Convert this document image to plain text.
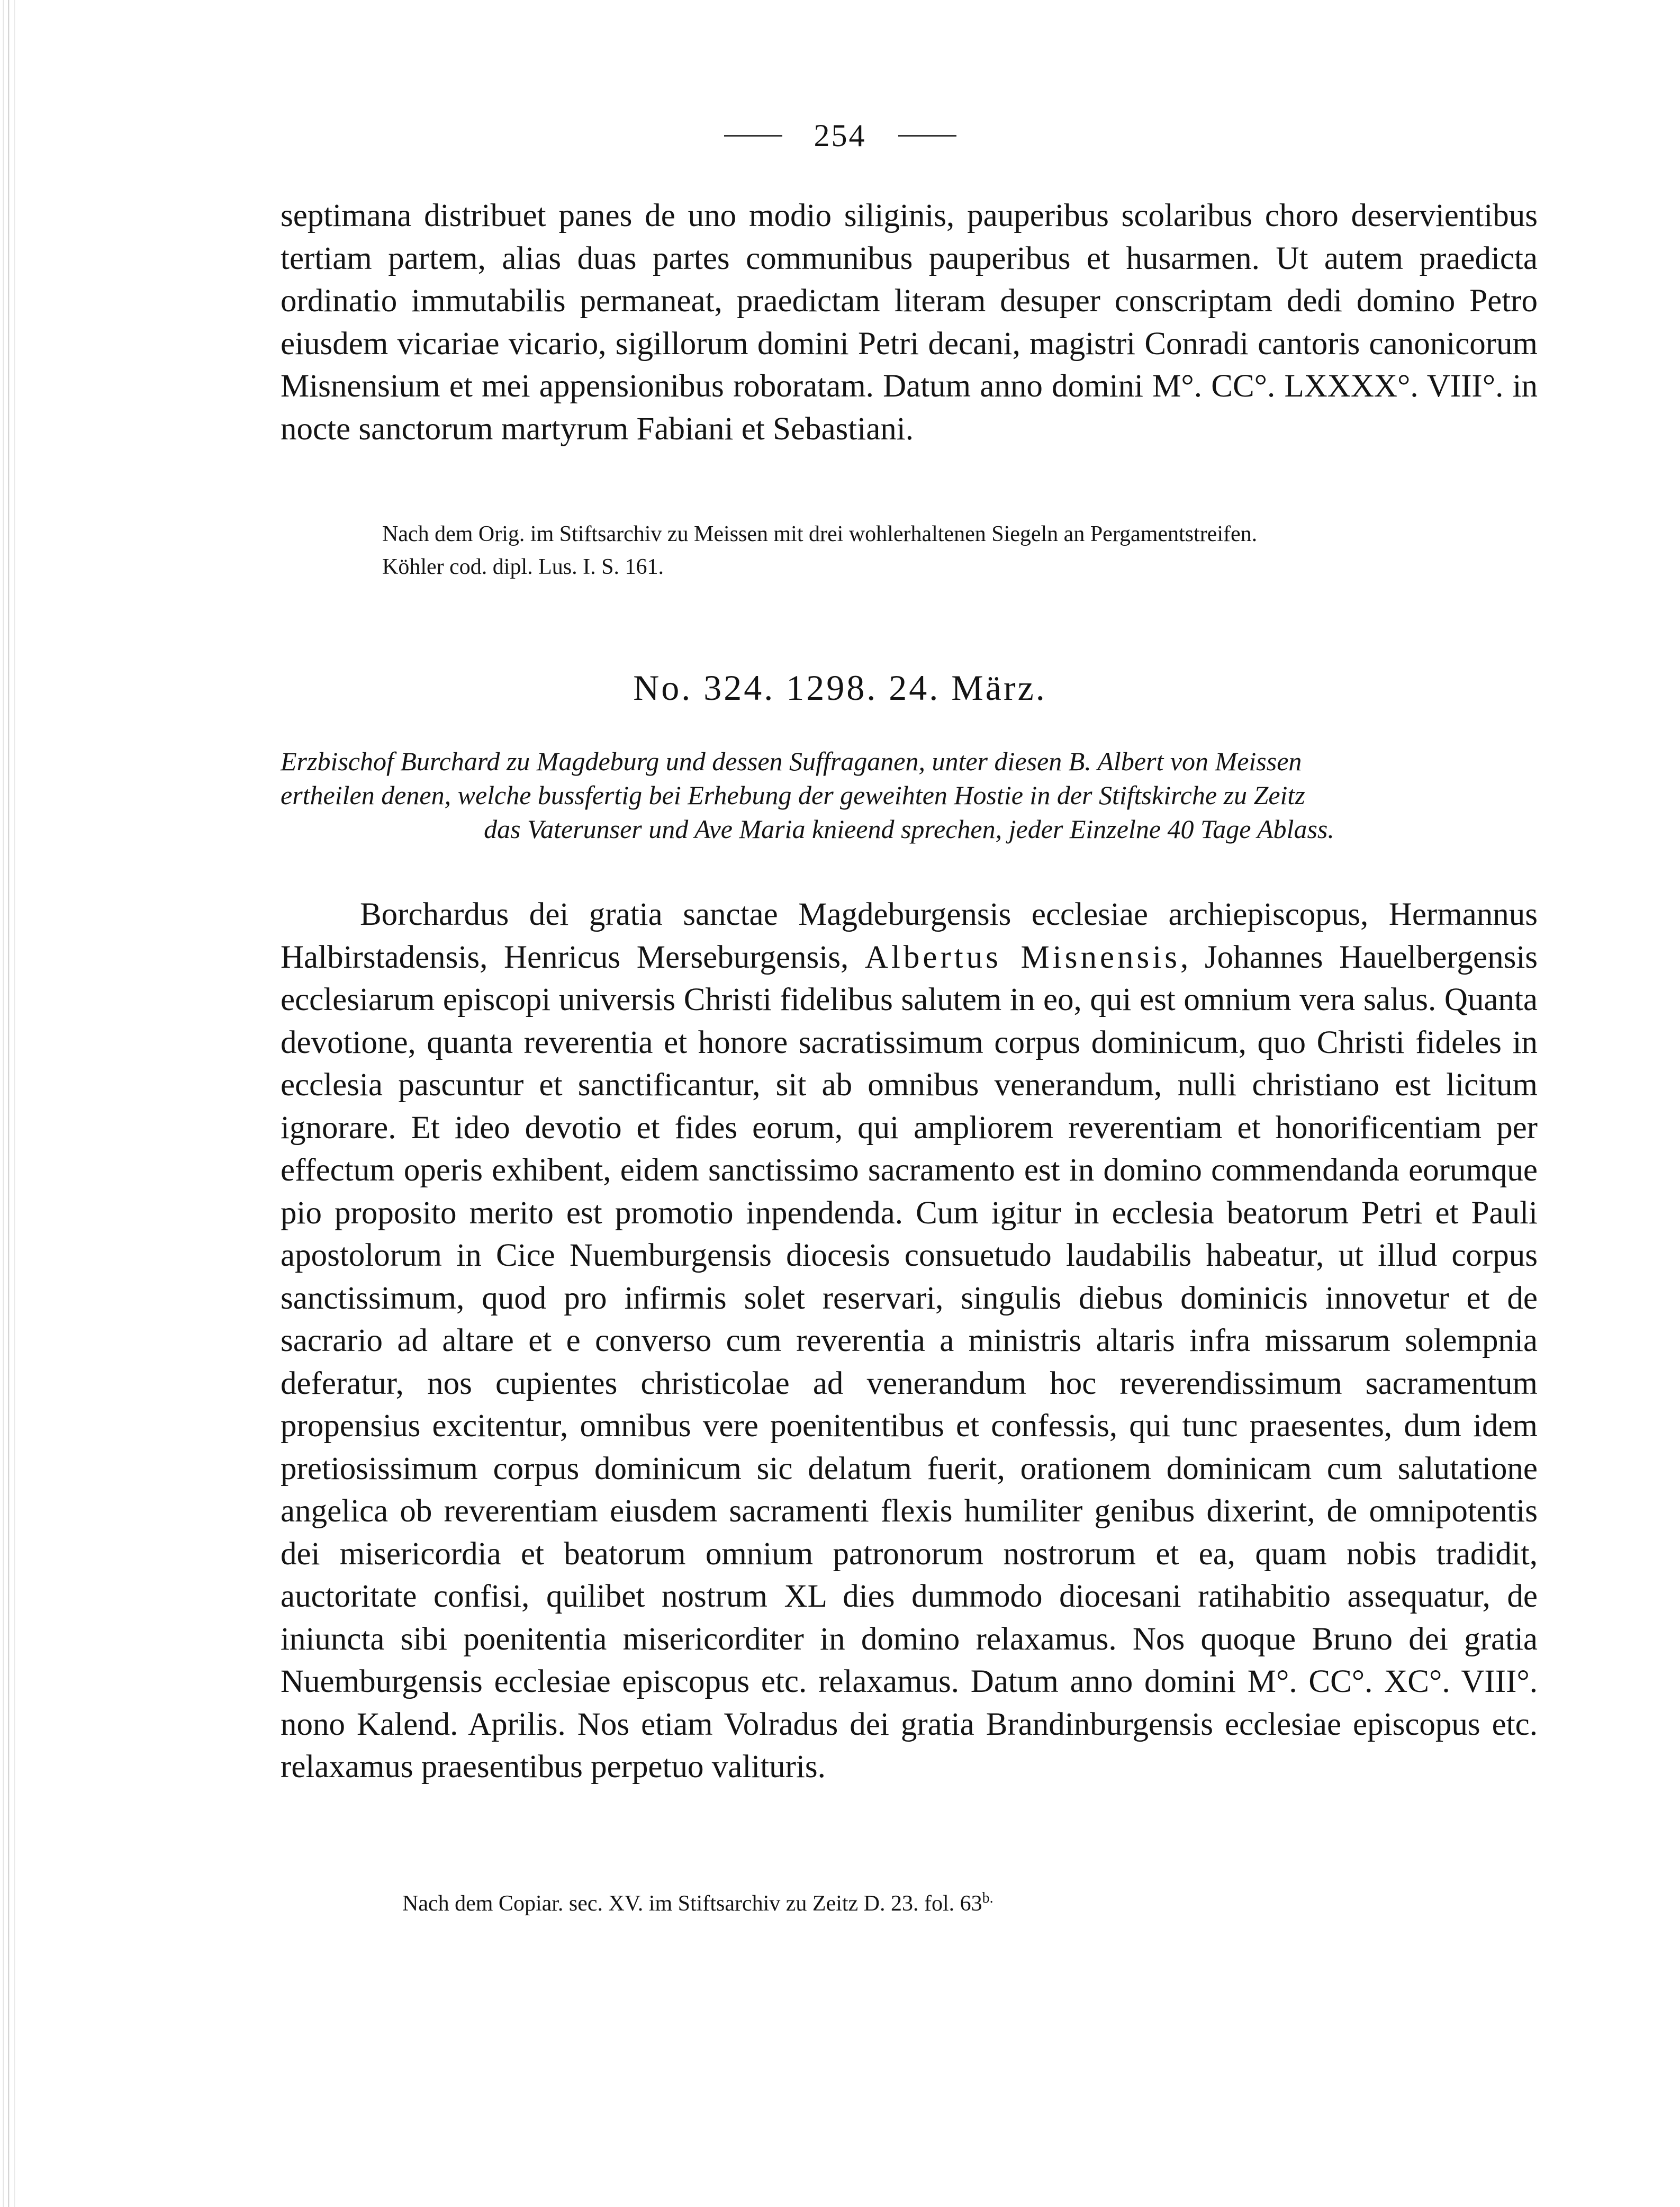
254

septimana distribuet panes de uno modio siliginis, pauperibus scolaribus choro deservientibus tertiam partem, alias duas partes communibus pauperibus et husarmen. Ut autem praedicta ordinatio immutabilis permaneat, praedictam literam desuper conscriptam dedi domino Petro eiusdem vicariae vicario, sigillorum domini Petri decani, magistri Conradi cantoris canonicorum Misnensium et mei appensionibus roboratam. Datum anno domini M°. CC°. LXXXX°. VIII°. in nocte sanctorum martyrum Fabiani et Sebastiani.

Nach dem Orig. im Stiftsarchiv zu Meissen mit drei wohlerhaltenen Siegeln an Pergamentstreifen.
Köhler cod. dipl. Lus. I. S. 161.

No. 324. 1298. 24. März.

Erzbischof Burchard zu Magdeburg und dessen Suffraganen, unter diesen B. Albert von Meissen
ertheilen denen, welche bussfertig bei Erhebung der geweihten Hostie in der Stiftskirche zu Zeitz
das Vaterunser und Ave Maria knieend sprechen, jeder Einzelne 40 Tage Ablass.

Borchardus dei gratia sanctae Magdeburgensis ecclesiae archiepiscopus, Hermannus Halbirstadensis, Henricus Merseburgensis, Albertus Misnensis, Johannes Hauelbergensis ecclesiarum episcopi universis Christi fidelibus salutem in eo, qui est omnium vera salus. Quanta devotione, quanta reverentia et honore sacratissimum corpus dominicum, quo Christi fideles in ecclesia pascuntur et sanctificantur, sit ab omnibus venerandum, nulli christiano est licitum ignorare. Et ideo devotio et fides eorum, qui ampliorem reverentiam et honorificentiam per effectum operis exhibent, eidem sanctissimo sacramento est in domino commendanda eorumque pio proposito merito est promotio inpendenda. Cum igitur in ecclesia beatorum Petri et Pauli apostolorum in Cice Nuemburgensis diocesis consuetudo laudabilis habeatur, ut illud corpus sanctissimum, quod pro infirmis solet reservari, singulis diebus dominicis innovetur et de sacrario ad altare et e converso cum reverentia a ministris altaris infra missarum solempnia deferatur, nos cupientes christicolae ad venerandum hoc reverendissimum sacramentum propensius excitentur, omnibus vere poenitentibus et confessis, qui tunc praesentes, dum idem pretiosissimum corpus dominicum sic delatum fuerit, orationem dominicam cum salutatione angelica ob reverentiam eiusdem sacramenti flexis humiliter genibus dixerint, de omnipotentis dei misericordia et beatorum omnium patronorum nostrorum et ea, quam nobis tradidit, auctoritate confisi, quilibet nostrum XL dies dummodo diocesani ratihabitio assequatur, de iniuncta sibi poenitentia misericorditer in domino relaxamus. Nos quoque Bruno dei gratia Nuemburgensis ecclesiae episcopus etc. relaxamus. Datum anno domini M°. CC°. XC°. VIII°. nono Kalend. Aprilis. Nos etiam Volradus dei gratia Brandinburgensis ecclesiae episcopus etc. relaxamus praesentibus perpetuo valituris.

Nach dem Copiar. sec. XV. im Stiftsarchiv zu Zeitz D. 23. fol. $63^{b.}$
